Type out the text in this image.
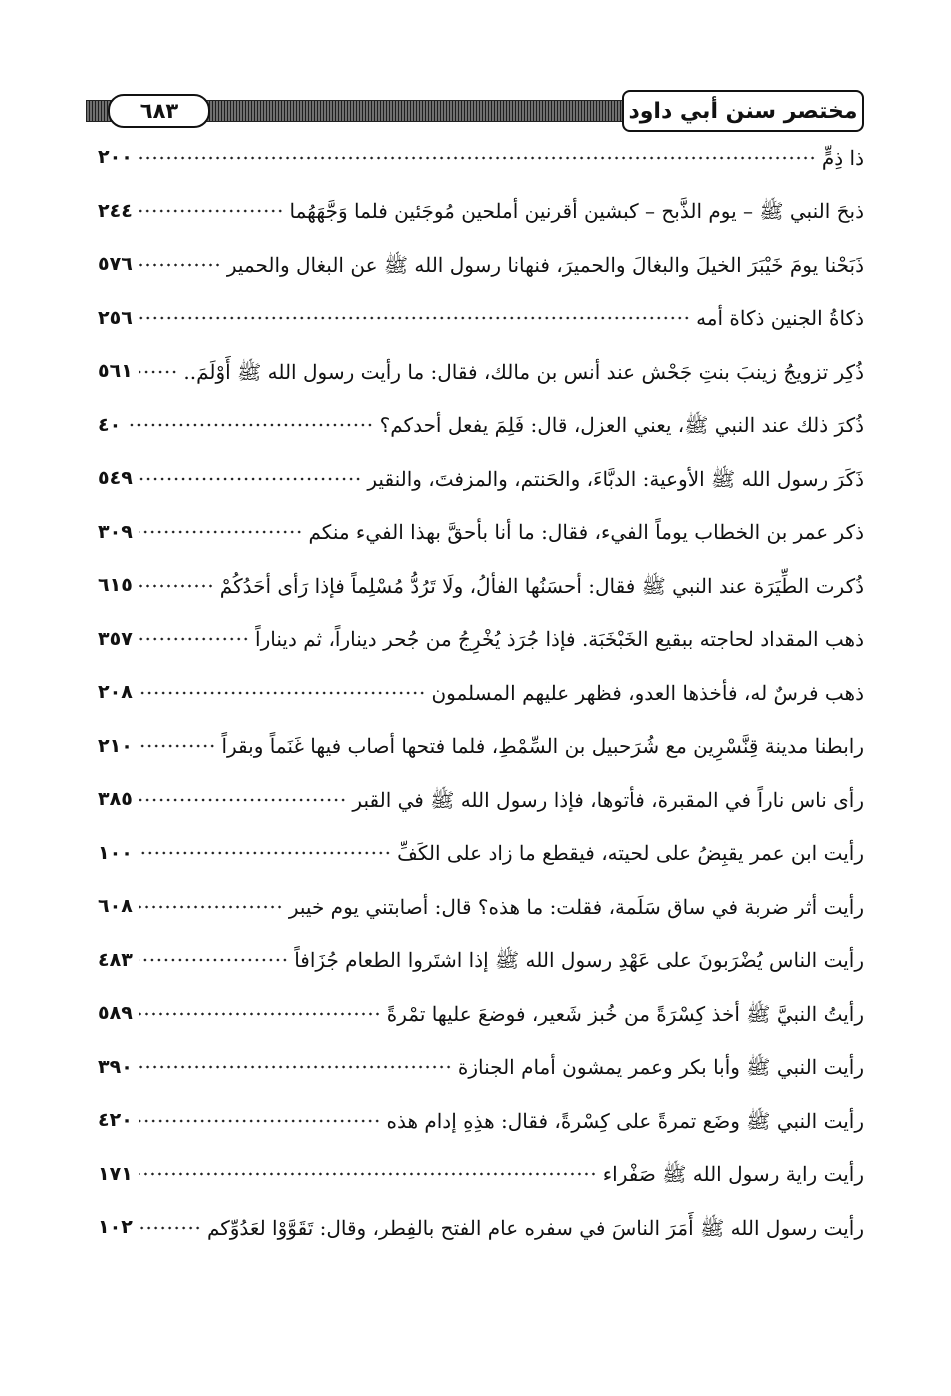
مختصر سنن أبي داود
٦٨٣
ذا ذِمٍّ
٢٠٠
ذبحَ النبي ﷺ – يوم الذَّبح – كبشين أقرنين أملحين مُوجَئين فلما وَجَّهَهُما
٢٤٤
ذَبَحْنا يومَ خَيْبَرَ الخيلَ والبغالَ والحميرَ، فنهانا رسول الله ﷺ عن البغال والحمير
٥٧٦
ذكاةُ الجنين ذكاة أمه
٢٥٦
ذُكِر تزويجُ زينبَ بنتِ جَحْش عند أنس بن مالك، فقال: ما رأيت رسول الله ﷺ أَوْلَمَ..
٥٦١
ذُكرَ ذلك عند النبي ﷺ، يعني العزل، قال: فَلِمَ يفعل أحدكم؟
٤٠
ذَكَرَ رسول الله ﷺ الأوعية: الدبَّاءَ، والحَنتم، والمزفتَ، والنقير
٥٤٩
ذكر عمر بن الخطاب يوماً الفيء، فقال: ما أنا بأحقَّ بهذا الفيء منكم
٣٠٩
ذُكرت الطِّيَرَة عند النبي ﷺ فقال: أحسَنُها الفألُ، ولَا تَرُدُّ مُسْلِماً فإذا رَأى أحَدُكُمْ
٦١٥
ذهب المقداد لحاجته ببقيع الخَبْخَبَة. فإذا جُرَذ يُخْرِجُ من جُحر ديناراً، ثم ديناراً
٣٥٧
ذهب فرسٌ له، فأخذها العدو، فظهر عليهم المسلمون
٢٠٨
رابطنا مدينة قِنَّسْرِين مع شُرَحبيل بن السِّمْطِ، فلما فتحها أصاب فيها غَنَماً وبقراً
٢١٠
رأى ناس ناراً في المقبرة، فأتوها، فإذا رسول الله ﷺ في القبر
٣٨٥
رأيت ابن عمر يقبِضُ على لحيته، فيقطع ما زاد على الكَفِّ
١٠٠
رأيت أثر ضربة في ساق سَلَمة، فقلت: ما هذه؟ قال: أصابتني يوم خيبر
٦٠٨
رأيت الناس يُضْرَبونَ على عَهْدِ رسول الله ﷺ إذا اشتَروا الطعام جُزَافاً
٤٨٣
رأيتُ النبيَّ ﷺ أخذ كِسْرَةً من خُبز شَعير، فوضعَ عليها تمْرةً
٥٨٩
رأيت النبي ﷺ وأبا بكر وعمر يمشون أمام الجنازة
٣٩٠
رأيت النبي ﷺ وضَع تمرةً على كِسْرةً، فقال: هذِهِ إدام هذه
٤٢٠
رأيت راية رسول الله ﷺ صَفْراء
١٧١
رأيت رسول الله ﷺ أَمَرَ الناسَ في سفره عام الفتح بالفِطر، وقال: تَقَوَّوْا لعَدُوِّكم
١٠٢
